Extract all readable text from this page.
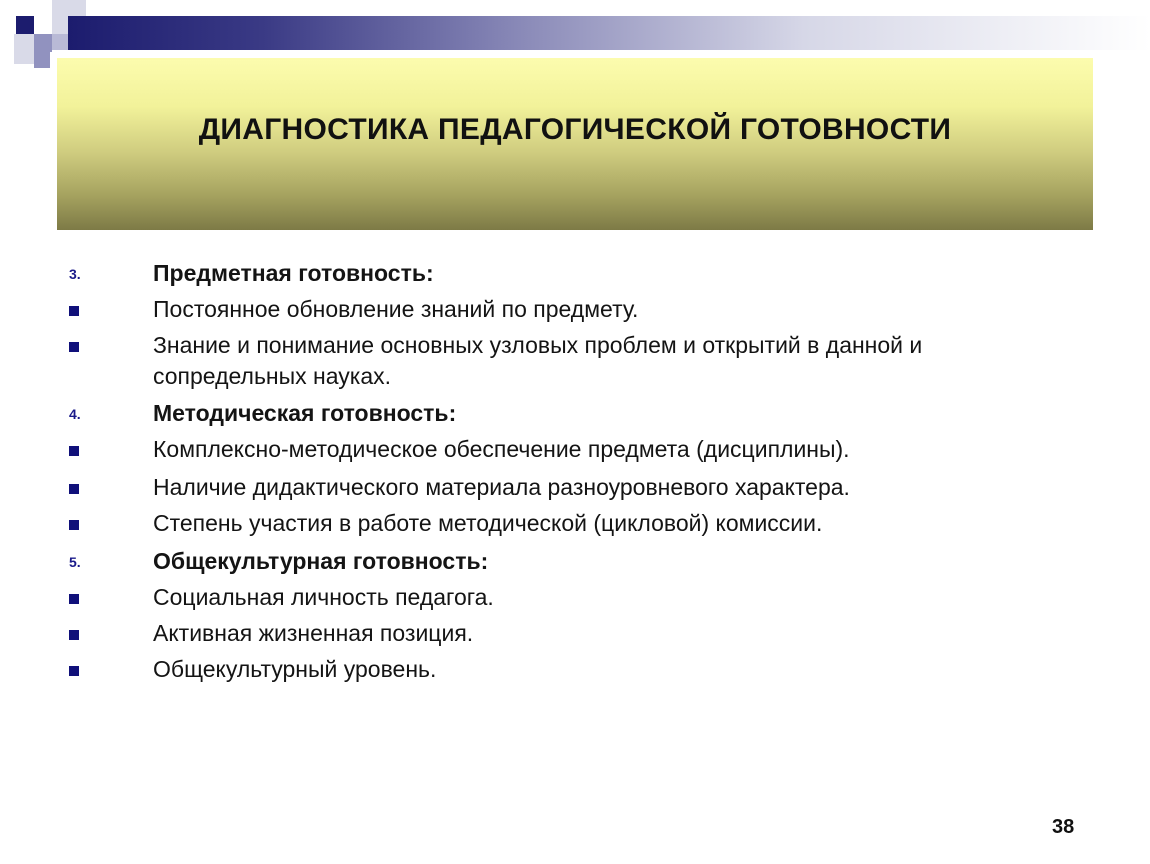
ДИАГНОСТИКА ПЕДАГОГИЧЕСКОЙ ГОТОВНОСТИ
3.	Предметная готовность:
Постоянное обновление знаний по предмету.
Знание и понимание основных узловых проблем и открытий в данной и сопредельных науках.
4.	Методическая готовность:
Комплексно-методическое обеспечение предмета (дисциплины).
Наличие дидактического материала разноуровневого характера.
Степень участия в работе методической (цикловой) комиссии.
5.	Общекультурная готовность:
Социальная личность педагога.
Активная жизненная позиция.
Общекультурный уровень.
38
